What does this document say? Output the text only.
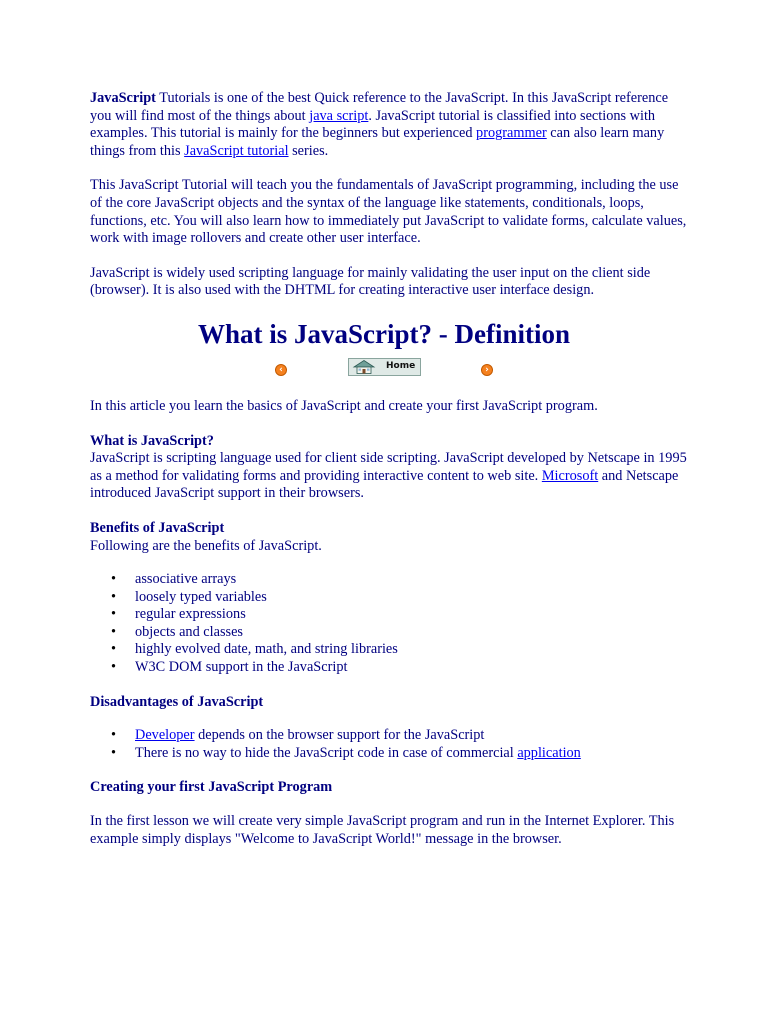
JavaScript Tutorials is one of the best Quick reference to the JavaScript. In this JavaScript reference you will find most of the things about java script. JavaScript tutorial is classified into sections with examples. This tutorial is mainly for the beginners but experienced programmer can also learn many things from this JavaScript tutorial series.

This JavaScript Tutorial will teach you the fundamentals of JavaScript programming, including the use of the core JavaScript objects and the syntax of the language like statements, conditionals, loops, functions, etc. You will also learn how to immediately put JavaScript to validate forms, calculate values, work with image rollovers and create other user interface.

JavaScript is widely used scripting language for mainly validating the user input on the client side (browser). It is also used with the DHTML for creating interactive user interface design.

What is JavaScript? - Definition
‹	Home	›

In this article you learn the basics of JavaScript and create your first JavaScript program.

What is JavaScript?

JavaScript is scripting language used for client side scripting. JavaScript developed by Netscape in 1995 as a method for validating forms and providing interactive content to web site. Microsoft and Netscape introduced JavaScript support in their browsers.

Benefits of JavaScript

Following are the benefits of JavaScript.

• associative arrays
• loosely typed variables
• regular expressions
• objects and classes
• highly evolved date, math, and string libraries
• W3C DOM support in the JavaScript

Disadvantages of JavaScript

• Developer depends on the browser support for the JavaScript
• There is no way to hide the JavaScript code in case of commercial application

Creating your first JavaScript Program

In the first lesson we will create very simple JavaScript program and run in the Internet Explorer. This example simply displays "Welcome to JavaScript World!" message in the browser.
